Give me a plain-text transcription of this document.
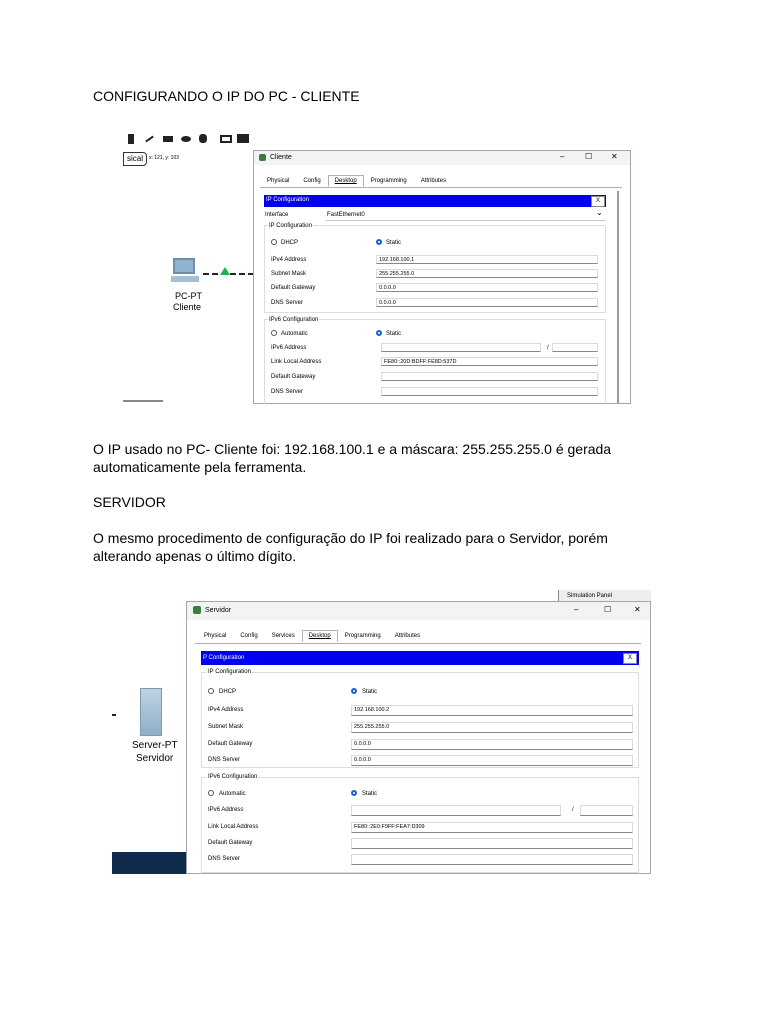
CONFIGURANDO O IP DO PC - CLIENTE

sical	x: 121, y: 103
PC-PT
Cliente
Cliente	–	☐ ✕
Physical	Config	Desktop	Programming	Attributes
IP Configuration	X
Interface	FastEthernet0	⌄
IP Configuration
DHCP	Static
IPv4 Address	192.168.100.1
Subnet Mask	255.255.255.0
Default Gateway	0.0.0.0
DNS Server	0.0.0.0
IPv6 Configuration
Automatic	Static
IPv6 Address	/
Link Local Address	FE80::20D:BDFF:FE8D:537D
Default Gateway
DNS Server

O IP usado no PC- Cliente foi: 192.168.100.1 e a máscara: 255.255.255.0 é gerada automaticamente pela ferramenta.

SERVIDOR

O mesmo procedimento de configuração do IP foi realizado para o Servidor, porém alterando apenas o último dígito.

Simulation Panel
Server-PT
Servidor
Servidor	–	☐	✕
Physical	Config	Services	Desktop	Programming	Attributes
P Configuration	X
IP Configuration
DHCP	Static
IPv4 Address	192.168.100.2
Subnet Mask	255.255.255.0
Default Gateway	0.0.0.0
DNS Server	0.0.0.0
IPv6 Configuration
Automatic	Static
IPv6 Address	/
Link Local Address	FE80::2E0:F9FF:FEA7:D309
Default Gateway
DNS Server
